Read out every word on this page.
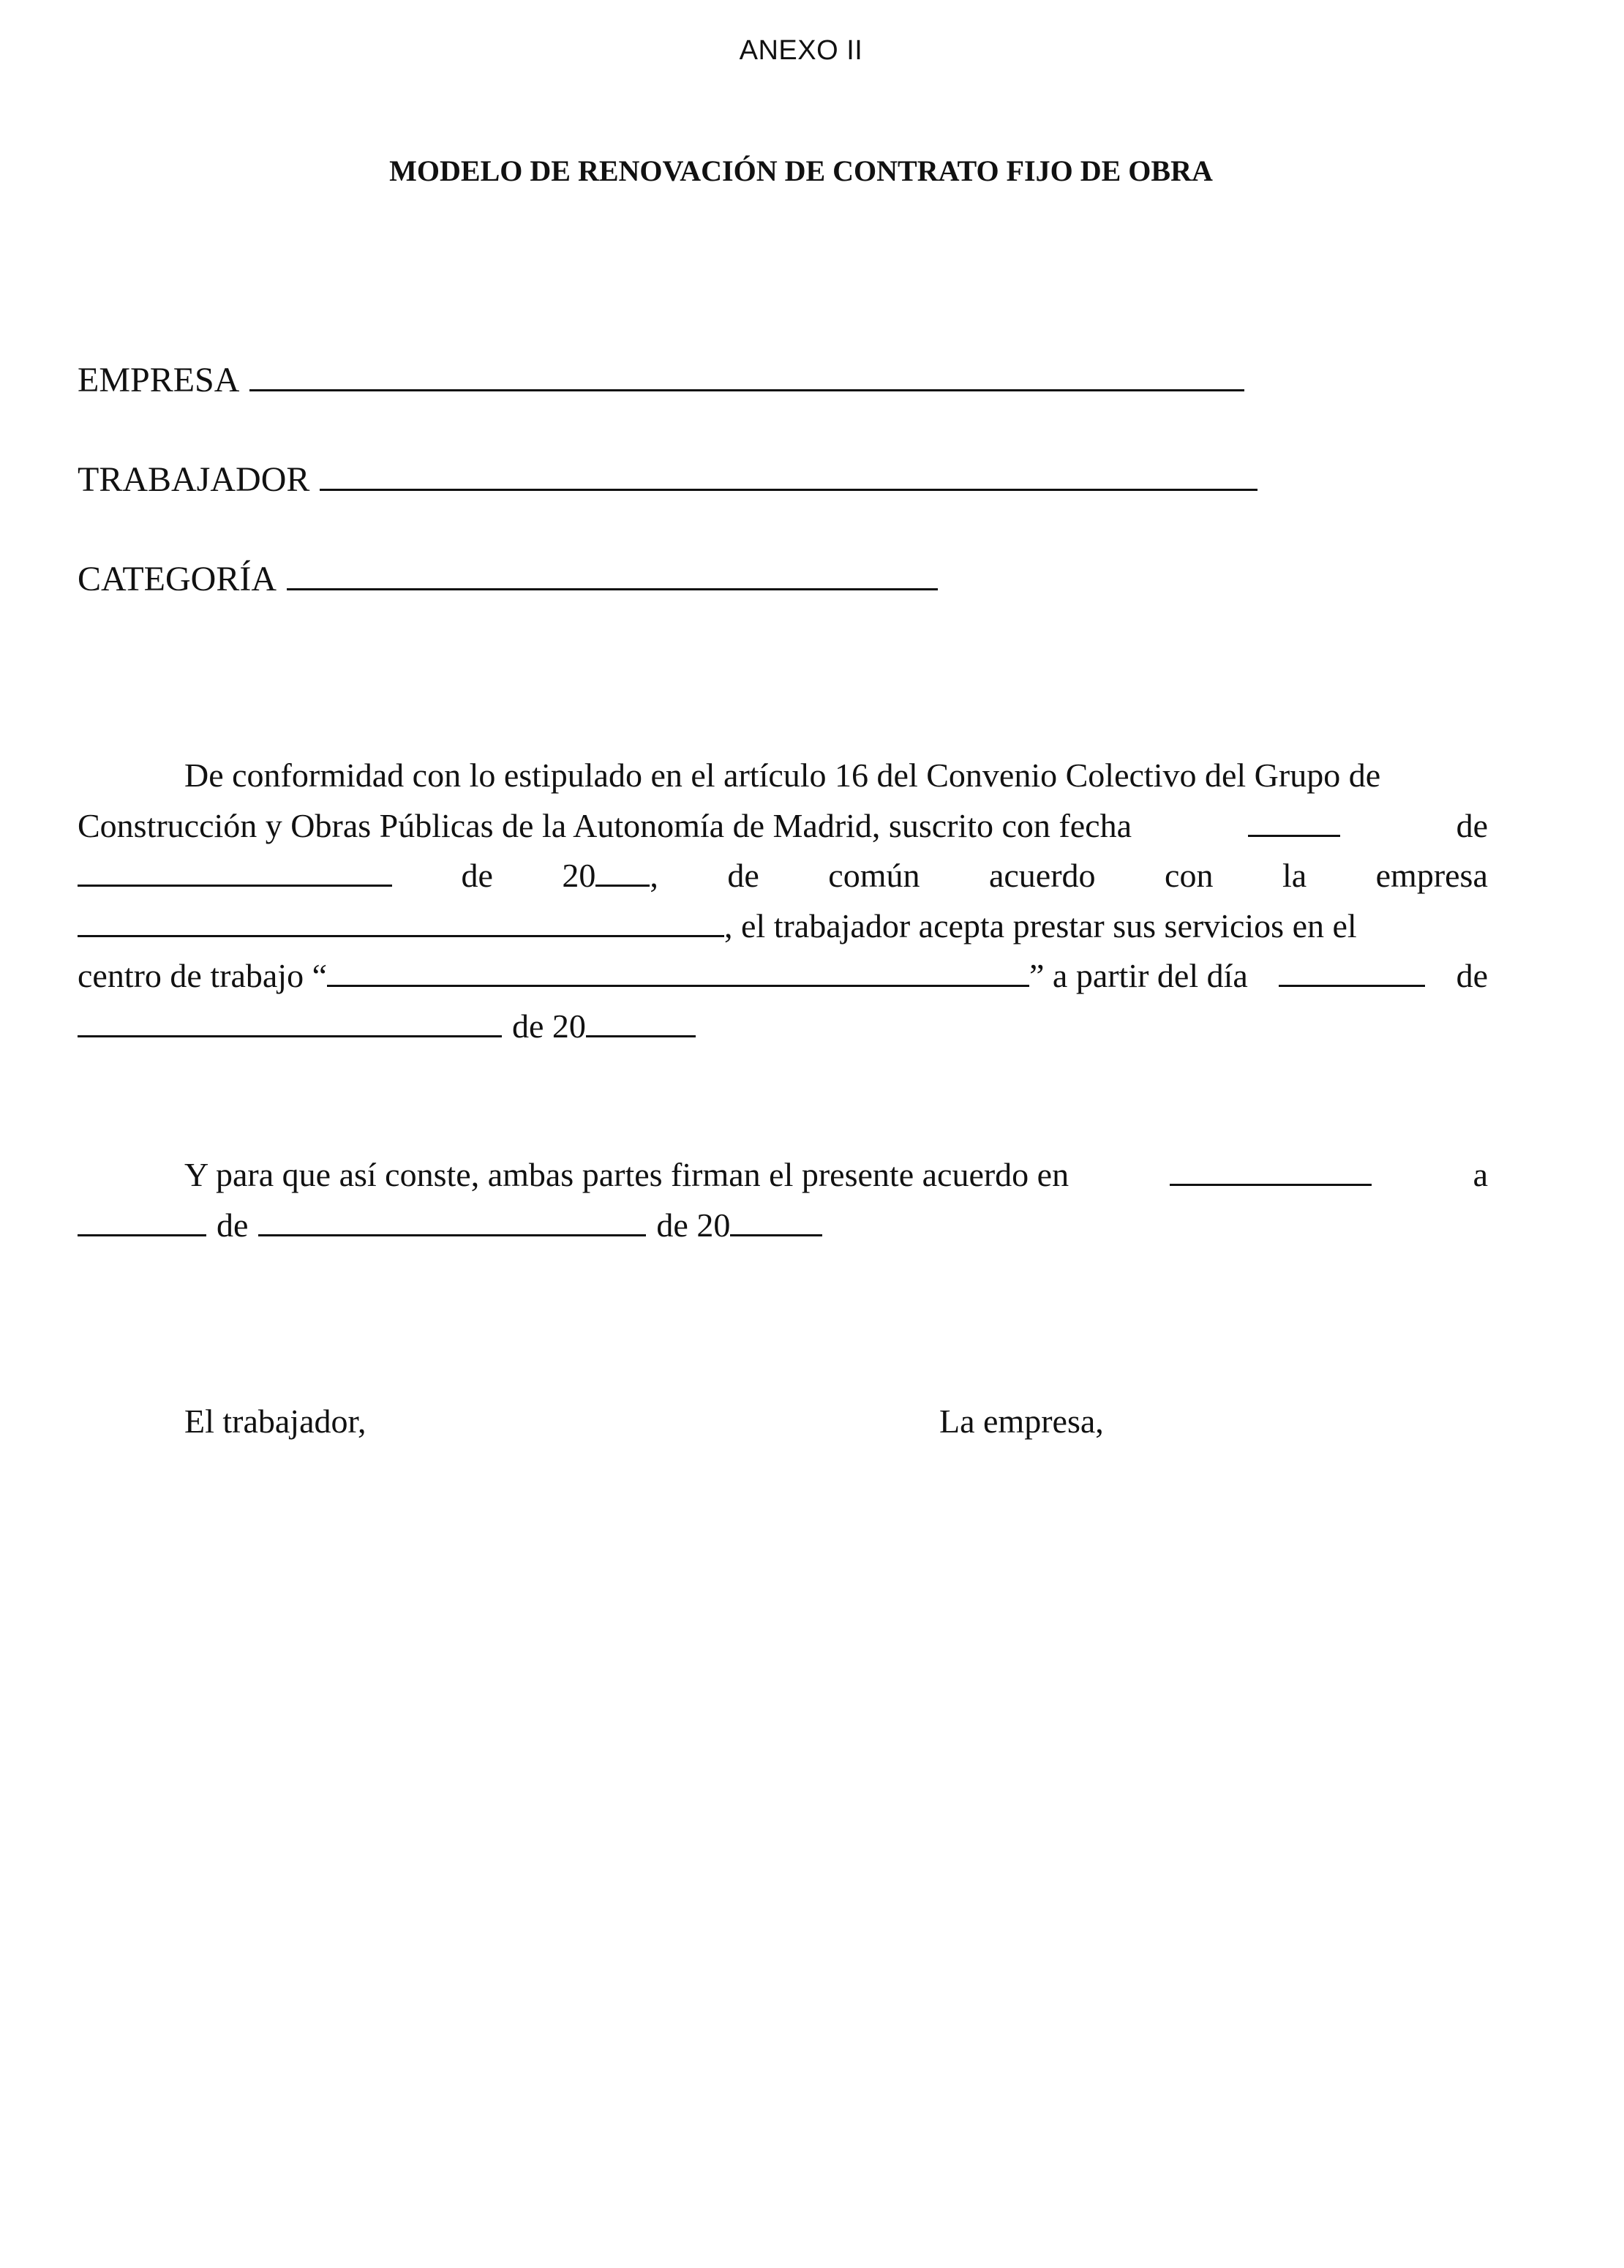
ANEXO II
MODELO DE RENOVACIÓN DE CONTRATO FIJO DE OBRA
EMPRESA
TRABAJADOR
CATEGORÍA
De conformidad con lo estipulado en el artículo 16 del Convenio Colectivo del Grupo de
Construcción y Obras Públicas de la Autonomía de Madrid, suscrito con fecha	de
de 20 , de común acuerdo con la empresa
, el trabajador acepta prestar sus servicios en el
centro de trabajo “	” a partir del día	de
de 20
Y para que así conste, ambas partes firman el presente acuerdo en	a
de	de 20
El trabajador,	La empresa,
